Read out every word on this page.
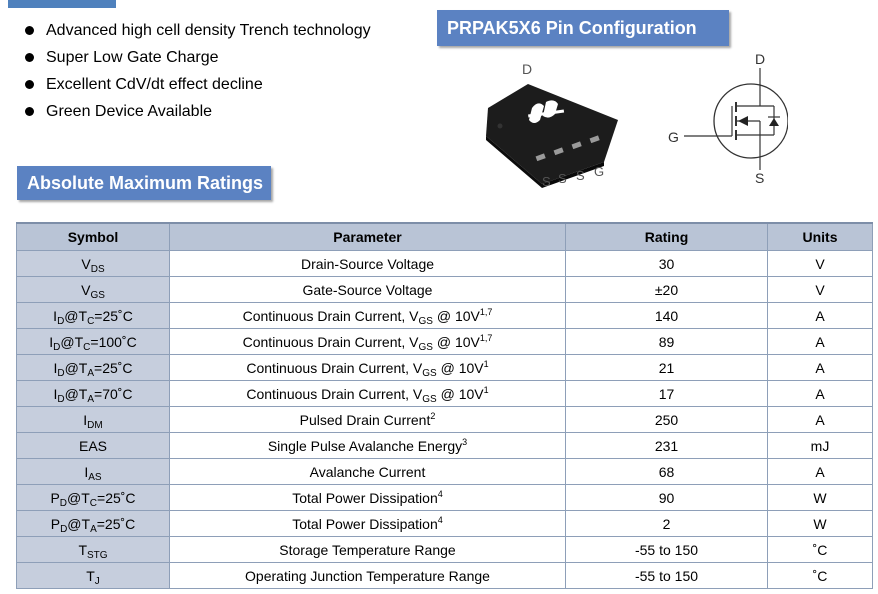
Advanced high cell density Trench technology
Super Low Gate Charge
Excellent CdV/dt effect decline
Green Device Available
PRPAK5X6 Pin Configuration
D
S S S G
D
G
S
Absolute Maximum Ratings
Symbol	Parameter	Rating	Units
$V_{DS}$	Drain-Source Voltage	30	V
$V_{GS}$	Gate-Source Voltage	±20	V
$I_D@T_C=25˚C$	Continuous Drain Current, $V_{GS}$ @ $10V^{1,7}$	140	A
$I_D@T_C=100˚C$	Continuous Drain Current, $V_{GS}$ @ $10V^{1,7}$	89	A
$I_D@T_A=25˚C$	Continuous Drain Current, $V_{GS}$ @ $10V^1$	21	A
$I_D@T_A=70˚C$	Continuous Drain Current, $V_{GS}$ @ $10V^1$	17	A
$I_{DM}$	Pulsed Drain Current$^2$	250	A
EAS	Single Pulse Avalanche Energy$^3$	231	mJ
$I_{AS}$	Avalanche Current	68	A
$P_D@T_C=25˚C$	Total Power Dissipation$^4$	90	W
$P_D@T_A=25˚C$	Total Power Dissipation$^4$	2	W
$T_{STG}$	Storage Temperature Range	-55 to 150	˚C
$T_J$	Operating Junction Temperature Range	-55 to 150	˚C
